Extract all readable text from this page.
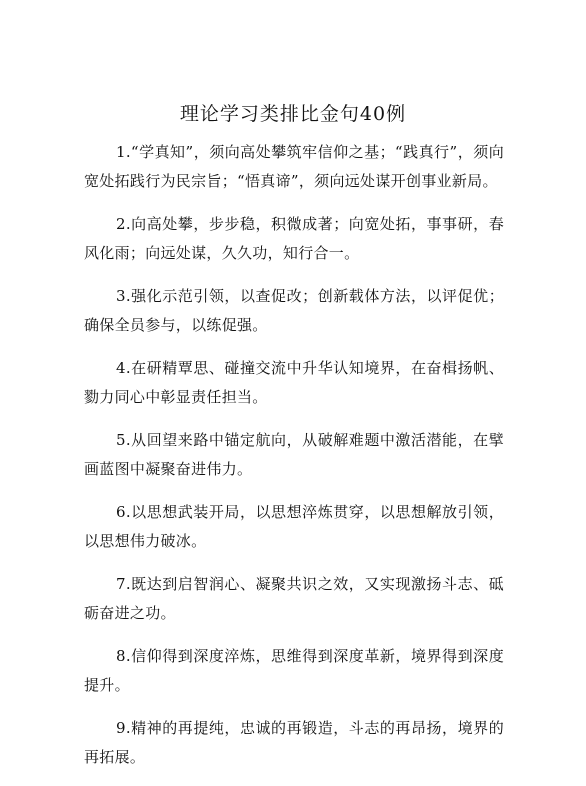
理论学习类排比金句40例

1.“学真知”，须向高处攀筑牢信仰之基；“践真行”，须向宽处拓践行为民宗旨；“悟真谛”，须向远处谋开创事业新局。

2.向高处攀，步步稳，积微成著；向宽处拓，事事研，春风化雨；向远处谋，久久功，知行合一。

3.强化示范引领，以查促改；创新载体方法，以评促优；确保全员参与，以练促强。

4.在研精覃思、碰撞交流中升华认知境界，在奋楫扬帆、勠力同心中彰显责任担当。

5.从回望来路中锚定航向，从破解难题中激活潜能，在擘画蓝图中凝聚奋进伟力。

6.以思想武装开局，以思想淬炼贯穿，以思想解放引领，以思想伟力破冰。

7.既达到启智润心、凝聚共识之效，又实现激扬斗志、砥砺奋进之功。

8.信仰得到深度淬炼，思维得到深度革新，境界得到深度提升。

9.精神的再提纯，忠诚的再锻造，斗志的再昂扬，境界的再拓展。
